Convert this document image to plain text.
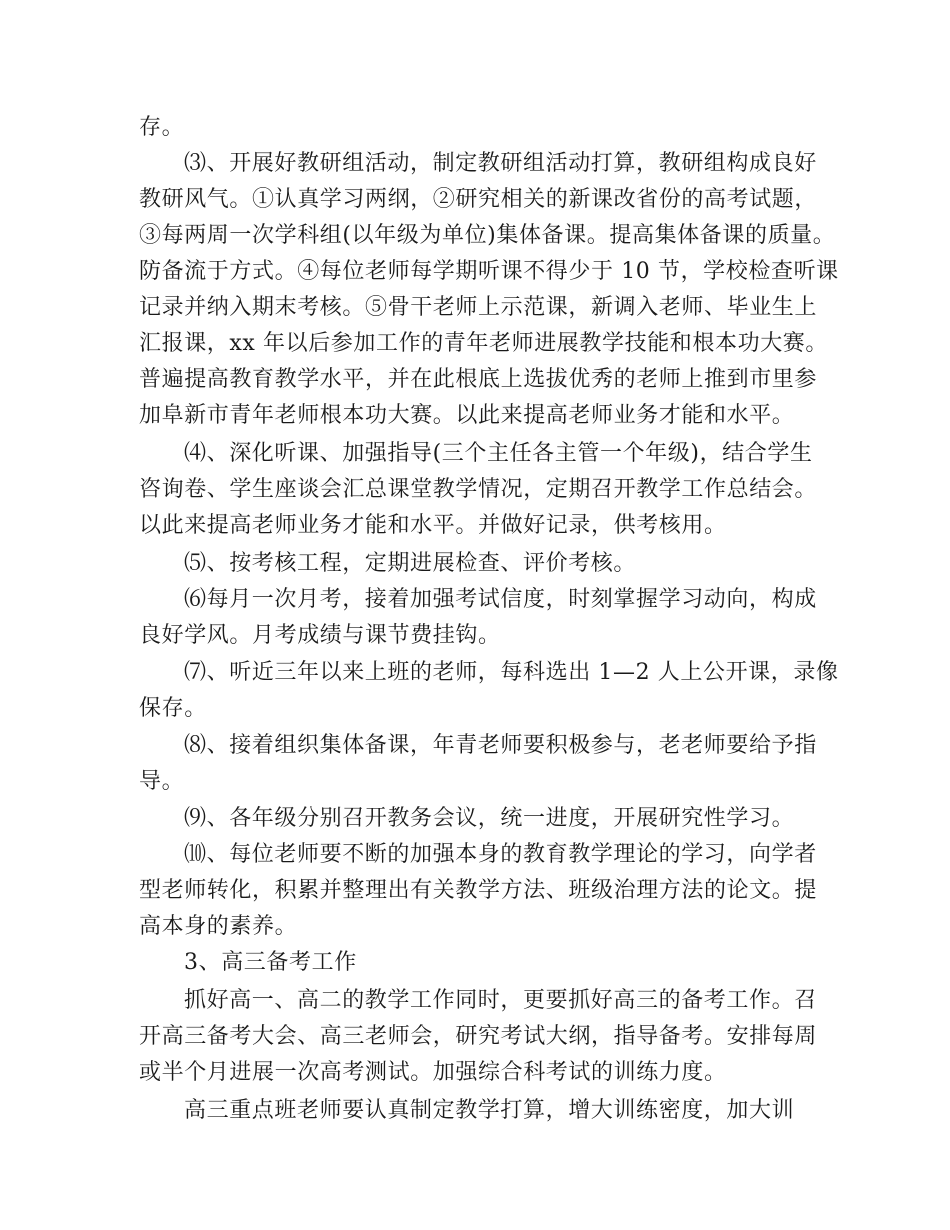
存。
⑶、开展好教研组活动，制定教研组活动打算，教研组构成良好
教研风气。①认真学习两纲，②研究相关的新课改省份的高考试题，
③每两周一次学科组(以年级为单位)集体备课。提高集体备课的质量。
防备流于方式。④每位老师每学期听课不得少于 10 节，学校检查听课
记录并纳入期末考核。⑤骨干老师上示范课，新调入老师、毕业生上
汇报课，xx 年以后参加工作的青年老师进展教学技能和根本功大赛。
普遍提高教育教学水平，并在此根底上选拔优秀的老师上推到市里参
加阜新市青年老师根本功大赛。以此来提高老师业务才能和水平。
⑷、深化听课、加强指导(三个主任各主管一个年级)，结合学生
咨询卷、学生座谈会汇总课堂教学情况，定期召开教学工作总结会。
以此来提高老师业务才能和水平。并做好记录，供考核用。
⑸、按考核工程，定期进展检查、评价考核。
⑹每月一次月考，接着加强考试信度，时刻掌握学习动向，构成
良好学风。月考成绩与课节费挂钩。
⑺、听近三年以来上班的老师，每科选出 1—2 人上公开课，录像
保存。
⑻、接着组织集体备课，年青老师要积极参与，老老师要给予指
导。
⑼、各年级分别召开教务会议，统一进度，开展研究性学习。
⑽、每位老师要不断的加强本身的教育教学理论的学习，向学者
型老师转化，积累并整理出有关教学方法、班级治理方法的论文。提
高本身的素养。
3、高三备考工作
抓好高一、高二的教学工作同时，更要抓好高三的备考工作。召
开高三备考大会、高三老师会，研究考试大纲，指导备考。安排每周
或半个月进展一次高考测试。加强综合科考试的训练力度。
高三重点班老师要认真制定教学打算，增大训练密度，加大训
